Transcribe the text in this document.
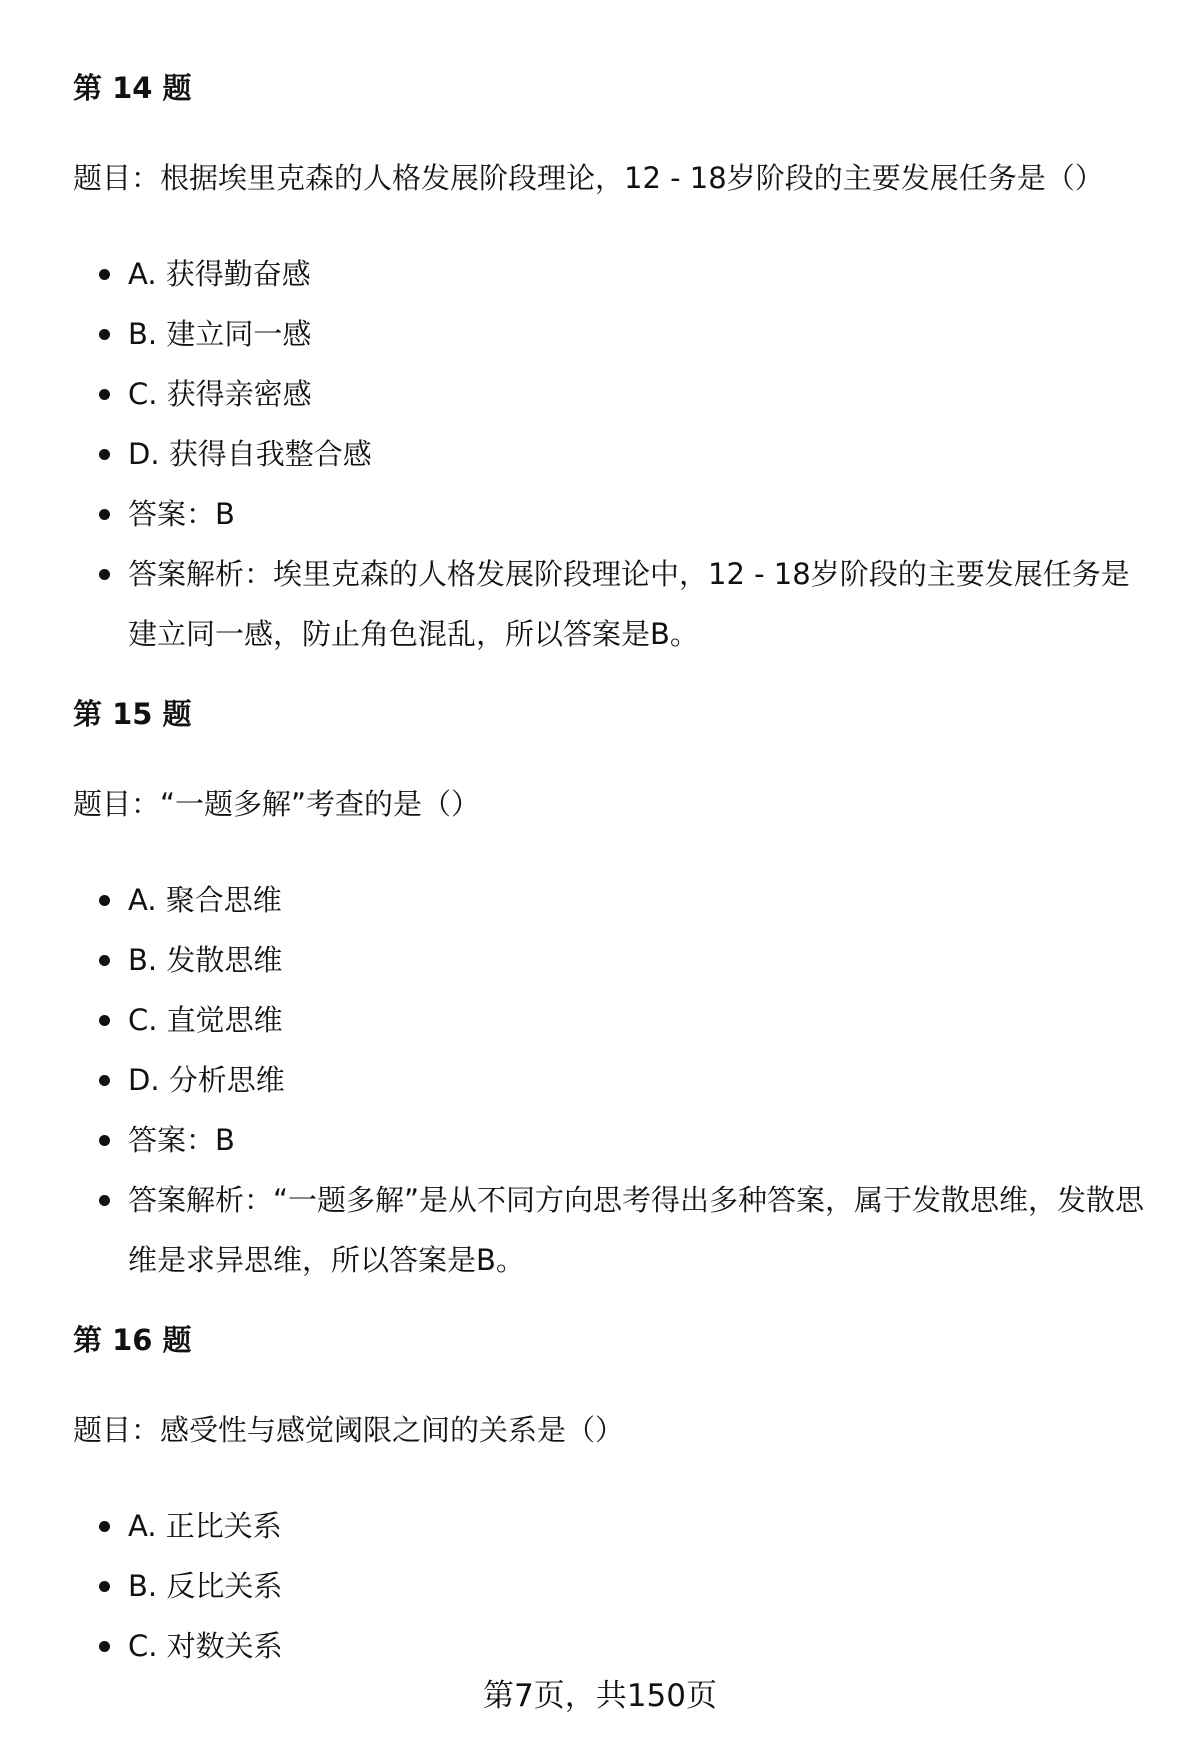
第 14 题

题目：根据埃里克森的人格发展阶段理论，12 - 18岁阶段的主要发展任务是（）

A. 获得勤奋感
B. 建立同一感
C. 获得亲密感
D. 获得自我整合感
答案：B
答案解析：埃里克森的人格发展阶段理论中，12 - 18岁阶段的主要发展任务是建立同一感，防止角色混乱，所以答案是B。
第 15 题

题目：“一题多解”考查的是（）

A. 聚合思维
B. 发散思维
C. 直觉思维
D. 分析思维
答案：B
答案解析：“一题多解”是从不同方向思考得出多种答案，属于发散思维，发散思维是求异思维，所以答案是B。
第 16 题

题目：感受性与感觉阈限之间的关系是（）

A. 正比关系
B. 反比关系
C. 对数关系
第7页，共150页
